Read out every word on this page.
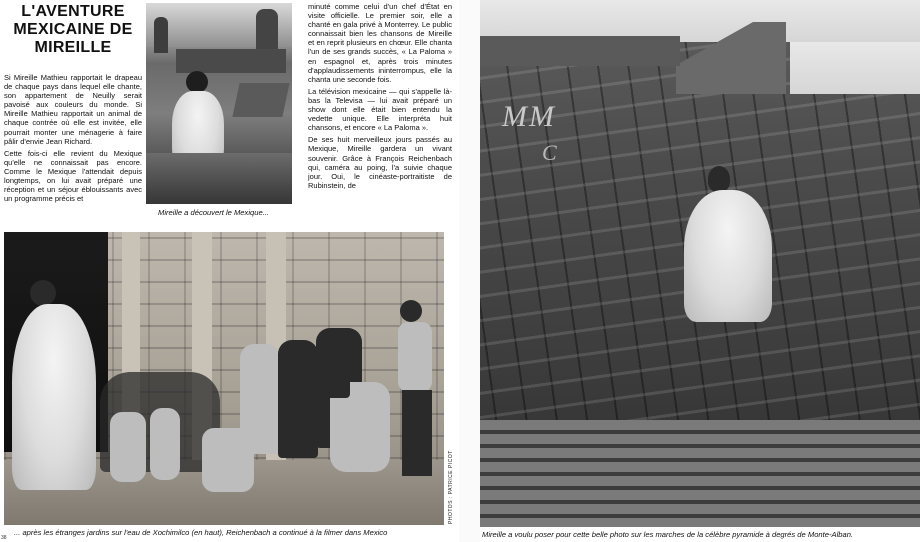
L'AVENTURE
MEXICAINE DE
MIREILLE

Si Mireille Mathieu rapportait le drapeau de chaque pays dans lequel elle chante, son appartement de Neuilly serait pavoisé aux couleurs du monde. Si Mireille Mathieu rapportait un animal de chaque contrée où elle est invitée, elle pourrait monter une ménagerie à faire pâlir d'envie Jean Richard.

Cette fois-ci elle revient du Mexique qu'elle ne connaissait pas encore. Comme le Mexique l'attendait depuis longtemps, on lui avait préparé une réception et un séjour éblouissants avec un programme précis et

Mireille a découvert le Mexique...

minuté comme celui d'un chef d'État en visite officielle. Le premier soir, elle a chanté en gala privé à Monterrey. Le public connaissait bien les chansons de Mireille et en reprit plusieurs en chœur. Elle chanta l'un de ses grands succès, « La Paloma » en espagnol et, après trois minutes d'applaudissements ininterrompus, elle la chanta une seconde fois.

La télévision mexicaine — qui s'appelle là-bas la Televisa — lui avait préparé un show dont elle était bien entendu la vedette unique. Elle interpréta huit chansons, et encore « La Paloma ».

De ses huit merveilleux jours passés au Mexique, Mireille gardera un vivant souvenir. Grâce à François Reichenbach qui, caméra au poing, l'a suivie chaque jour. Oui, le cinéaste-portraitiste de Rubinstein, de

PHOTOS : PATRICE PICOT
... après les étranges jardins sur l'eau de Xochimilco (en haut), Reichenbach a continué à la filmer dans Mexico
38
MM
C
Mireille a voulu poser pour cette belle photo sur les marches de la célèbre pyramide à degrés de Monte-Alban.
